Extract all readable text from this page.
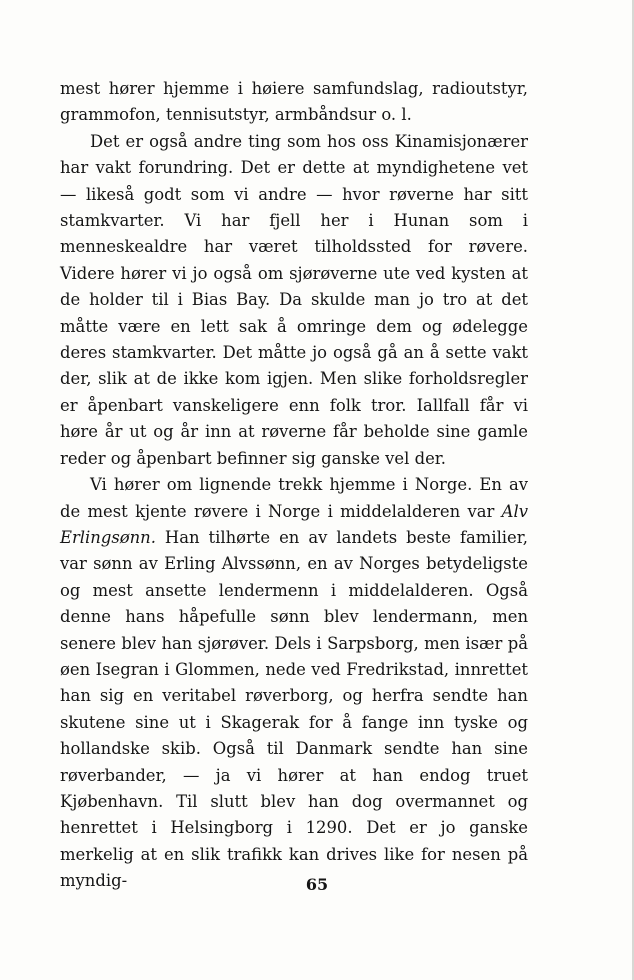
mest hører hjemme i høiere samfundslag, radioutstyr, grammofon, tennisutstyr, armbåndsur o. l.

Det er også andre ting som hos oss Kinamisjonærer har vakt forundring. Det er dette at myndighetene vet — likeså godt som vi andre — hvor røverne har sitt stamkvarter. Vi har fjell her i Hunan som i menneskealdre har været tilholdssted for røvere. Videre hører vi jo også om sjørøverne ute ved kysten at de holder til i Bias Bay. Da skulde man jo tro at det måtte være en lett sak å omringe dem og ødelegge deres stamkvarter. Det måtte jo også gå an å sette vakt der, slik at de ikke kom igjen. Men slike forholdsregler er åpenbart vanskeligere enn folk tror. Iallfall får vi høre år ut og år inn at røverne får beholde sine gamle reder og åpenbart befinner sig ganske vel der.

Vi hører om lignende trekk hjemme i Norge. En av de mest kjente røvere i Norge i middelalderen var Alv Erlingsønn. Han tilhørte en av landets beste familier, var sønn av Erling Alvssønn, en av Norges betydeligste og mest ansette lendermenn i middelalderen. Også denne hans håpefulle sønn blev lendermann, men senere blev han sjørøver. Dels i Sarpsborg, men især på øen Isegran i Glommen, nede ved Fredrikstad, innrettet han sig en veritabel røverborg, og herfra sendte han skutene sine ut i Skagerak for å fange inn tyske og hollandske skib. Også til Danmark sendte han sine røverbander, — ja vi hører at han endog truet Kjøbenhavn. Til slutt blev han dog overmannet og henrettet i Helsingborg i 1290. Det er jo ganske merkelig at en slik trafikk kan drives like for nesen på myndig-	65
